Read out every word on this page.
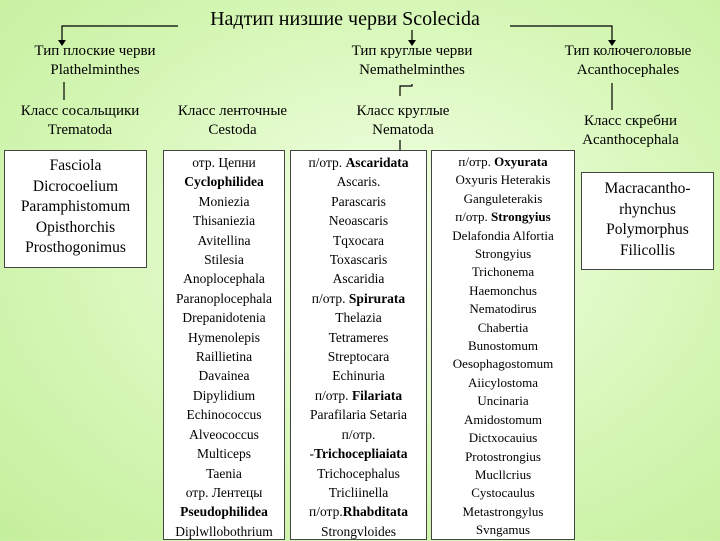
Надтип низшие черви Scolecida
Тип плоские черви
Plathelminthes
Тип круглые черви
Nemathelminthes
Тип колючеголовые
Acanthocephales
Класс сосальщики
Trematoda
Класс ленточные
Cestoda
Класс круглые
Nematoda
Класс скребни
Acanthocephala
Fasciola
Dicrocoelium
Paramphistomum
Opisthorchis
Prosthogonimus
отр. Цепни
Cyclophilidea
Moniezia
Thisaniezia
Avitellina
Stilesia
Anoplocephala
Paranoplocephala
Drepanidotenia
Hymenolepis
Raillietina
Davainea
Dipylidium
Echinococcus
Alveococcus
Multiceps
Taenia
отр. Лентецы
Pseudophilidea
Diplwllobothrium
п/отр. Ascaridata
Ascaris.
Parascaris
Neoascaris
Tqxocara
Toxascaris
Ascaridia
п/отр. Spirurata
Thelazia
Tetrameres
Streptocara
Echinuria
п/отр. Filariata
Parafilaria Setaria
п/отр.
-Trichocepliaiata
Trichocephalus
Tricliinella
п/отр.Rhabditata
Strongvloides
п/отр. Oxyurata
Oxyuris Heterakis
Ganguleterakis
п/отр. Strongyius
Delafondia Alfortia
Strongyius
Trichonema
Haemonchus
Nematodirus
Chabertia
Bunostomum
Oesophagostomum
Aiicylostoma
Uncinaria
Amidostomum
Dictxocauius
Protostrongius
Mucllcrius
Cystocaulus
Metastrongylus
Svngamus
Macracantho-
rhynchus
Polymorphus
Filicollis
